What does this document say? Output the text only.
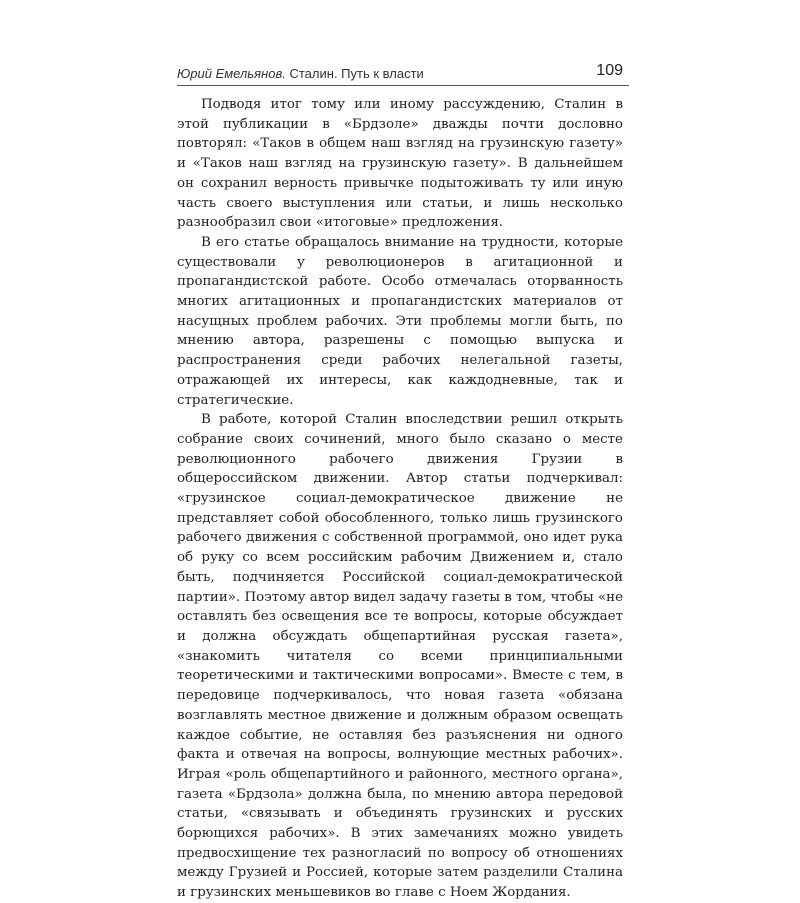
Юрий Емельянов. Сталин. Путь к власти	109

Подводя итог тому или иному рассуждению, Сталин в этой публикации в «Брдзоле» дважды почти дословно повторял: «Таков в общем наш взгляд на грузинскую газету» и «Таков наш взгляд на грузинскую газету». В дальнейшем он сохранил верность привычке подытоживать ту или иную часть своего выступления или статьи, и лишь несколько разнообразил свои «итоговые» предложения.

В его статье обращалось внимание на трудности, которые существовали у революционеров в агитационной и пропагандистской работе. Особо отмечалась оторванность многих агитационных и пропагандистских материалов от насущных проблем рабочих. Эти проблемы могли быть, по мнению автора, разрешены с помощью выпуска и распространения среди рабочих нелегальной газеты, отражающей их интересы, как каждодневные, так и стратегические.

В работе, которой Сталин впоследствии решил открыть собрание своих сочинений, много было сказано о месте революционного рабочего движения Грузии в общероссийском движении. Автор статьи подчеркивал: «грузинское социал-демократическое движение не представляет собой обособленного, только лишь грузинского рабочего движения с собственной программой, оно идет рука об руку со всем российским рабочим Движением и, стало быть, подчиняется Российской социал-демократической партии». Поэтому автор видел задачу газеты в том, чтобы «не оставлять без освещения все те вопросы, которые обсуждает и должна обсуждать общепартийная русская газета», «знакомить читателя со всеми принципиальными теоретическими и тактическими вопросами». Вместе с тем, в передовице подчеркивалось, что новая газета «обязана возглавлять местное движение и должным образом освещать каждое событие, не оставляя без разъяснения ни одного факта и отвечая на вопросы, волнующие местных рабочих». Играя «роль общепартийного и районного, местного органа», газета «Брдзола» должна была, по мнению автора передовой статьи, «связывать и объединять грузинских и русских борющихся рабочих». В этих замечаниях можно увидеть предвосхищение тех разногласий по вопросу об отношениях между Грузией и Россией, которые затем разделили Сталина и грузинских меньшевиков во главе с Ноем Жордания.
